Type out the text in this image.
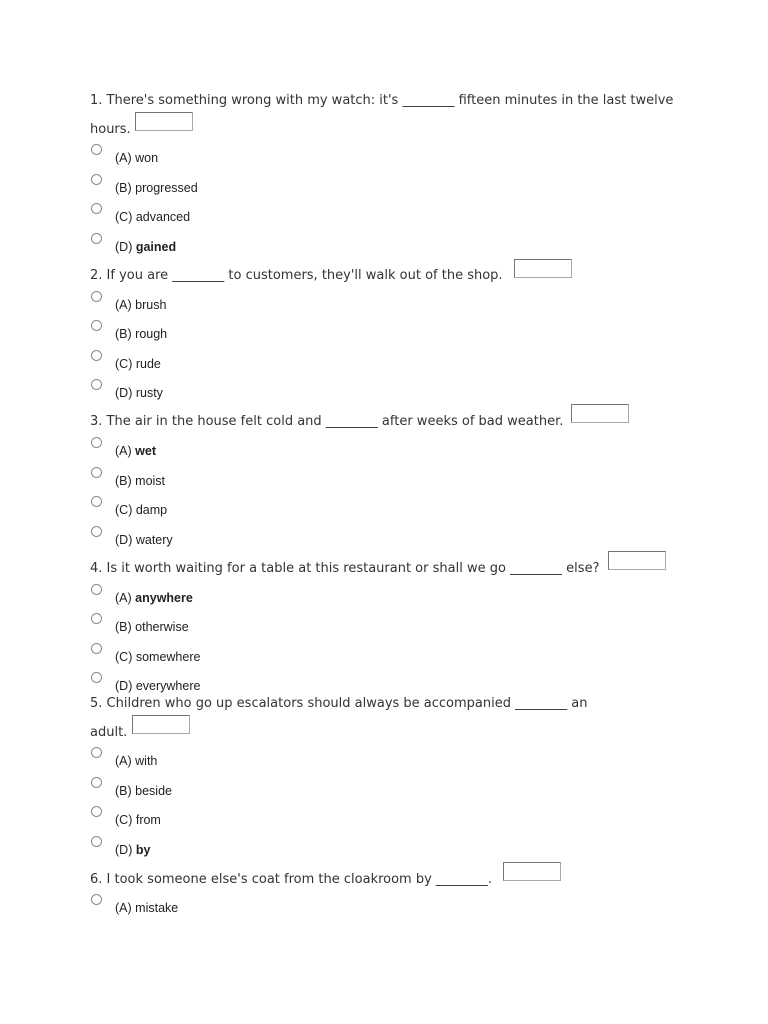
1. There's something wrong with my watch: it's ________ fifteen minutes in the last twelve
hours.
(A) won
(B) progressed
(C) advanced
(D) gained
2. If you are ________ to customers, they'll walk out of the shop.
(A) brush
(B) rough
(C) rude
(D) rusty
3. The air in the house felt cold and ________ after weeks of bad weather.
(A) wet
(B) moist
(C) damp
(D) watery
4. Is it worth waiting for a table at this restaurant or shall we go ________ else?
(A) anywhere
(B) otherwise
(C) somewhere
(D) everywhere
5. Children who go up escalators should always be accompanied ________ an
adult.
(A) with
(B) beside
(C) from
(D) by
6. I took someone else's coat from the cloakroom by ________.
(A) mistake
